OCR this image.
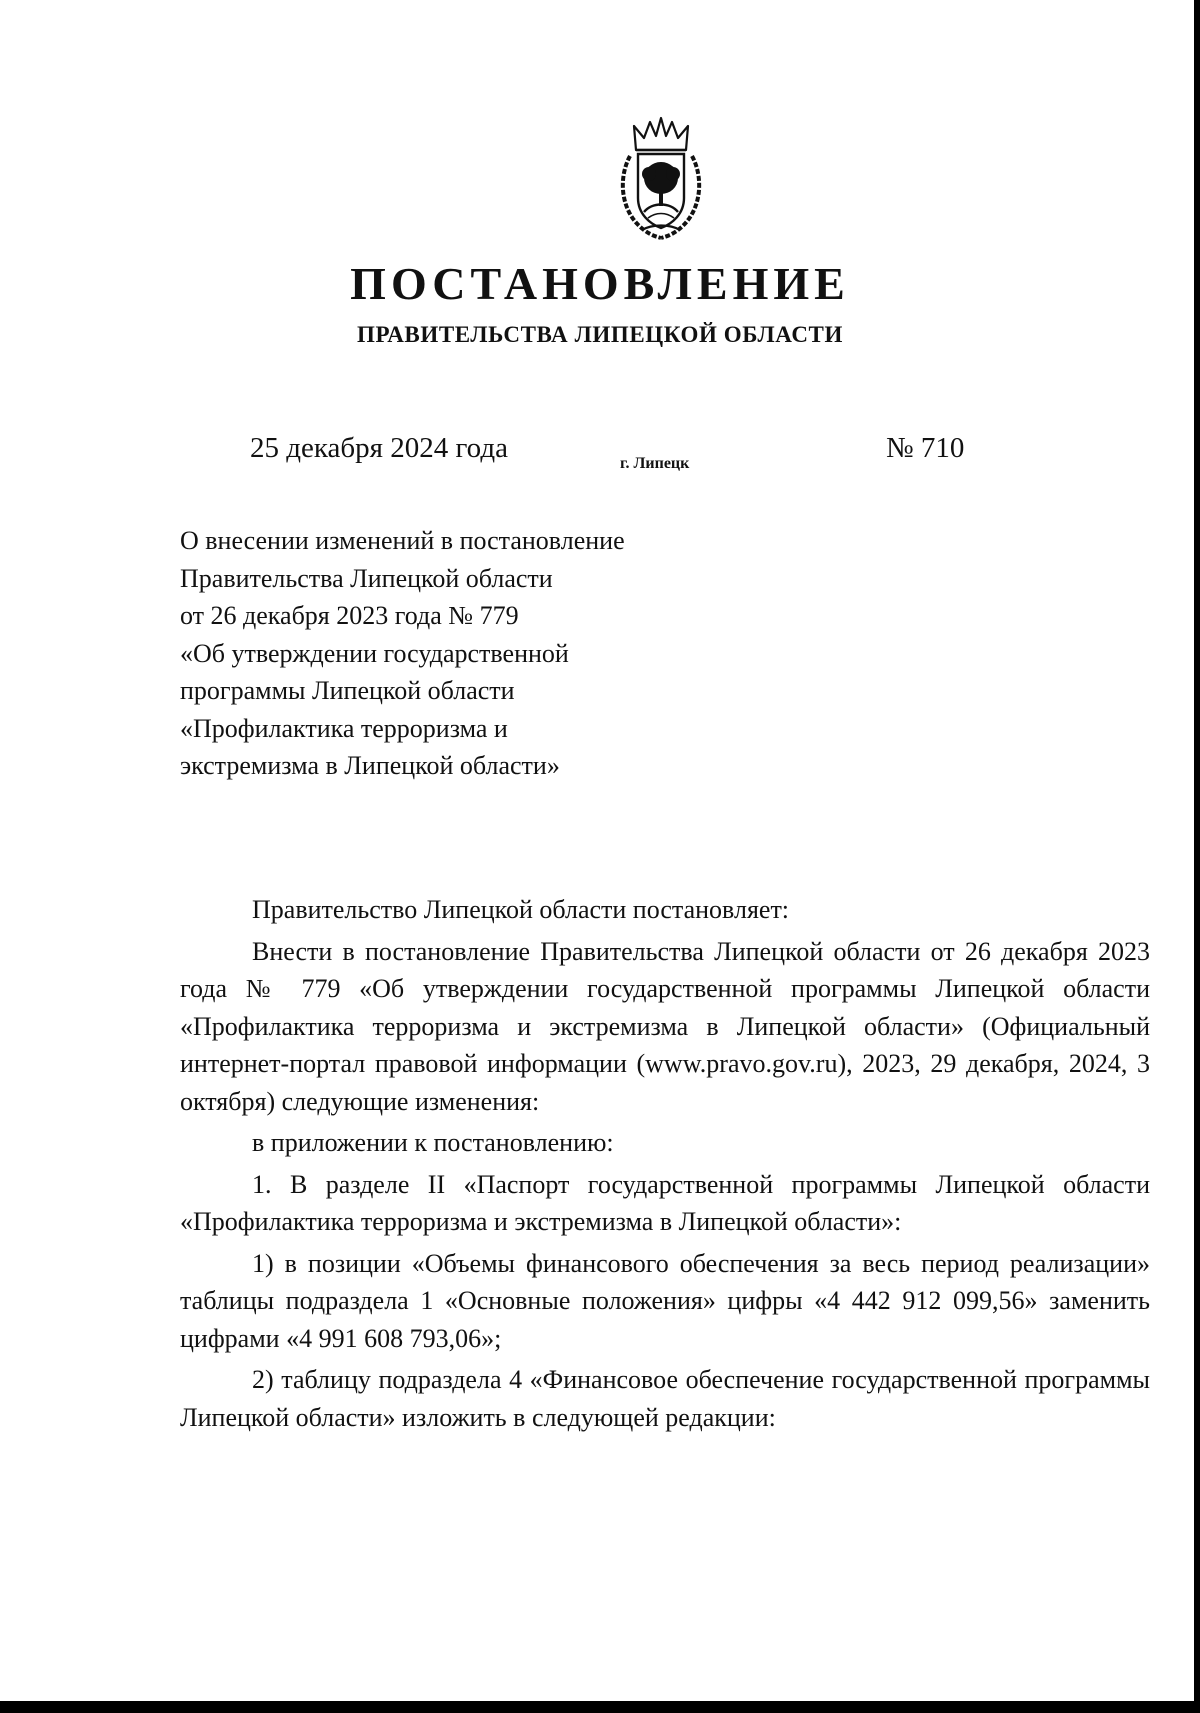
ПОСТАНОВЛЕНИЕ
ПРАВИТЕЛЬСТВА ЛИПЕЦКОЙ ОБЛАСТИ
25 декабря 2024 года	г. Липецк	№ 710
О внесении изменений в постановление
Правительства Липецкой области
от 26 декабря 2023 года № 779
«Об утверждении государственной
программы Липецкой области
«Профилактика терроризма и
экстремизма в Липецкой области»

Правительство Липецкой области постановляет:

Внести в постановление Правительства Липецкой области от 26 декабря 2023 года № 779 «Об утверждении государственной программы Липецкой области «Профилактика терроризма и экстремизма в Липецкой области» (Официальный интернет-портал правовой информации (www.pravo.gov.ru), 2023, 29 декабря, 2024, 3 октября) следующие изменения:

в приложении к постановлению:

1. В разделе II «Паспорт государственной программы Липецкой области «Профилактика терроризма и экстремизма в Липецкой области»:

1) в позиции «Объемы финансового обеспечения за весь период реализации» таблицы подраздела 1 «Основные положения» цифры «4 442 912 099,56» заменить цифрами «4 991 608 793,06»;

2) таблицу подраздела 4 «Финансовое обеспечение государственной программы Липецкой области» изложить в следующей редакции:
